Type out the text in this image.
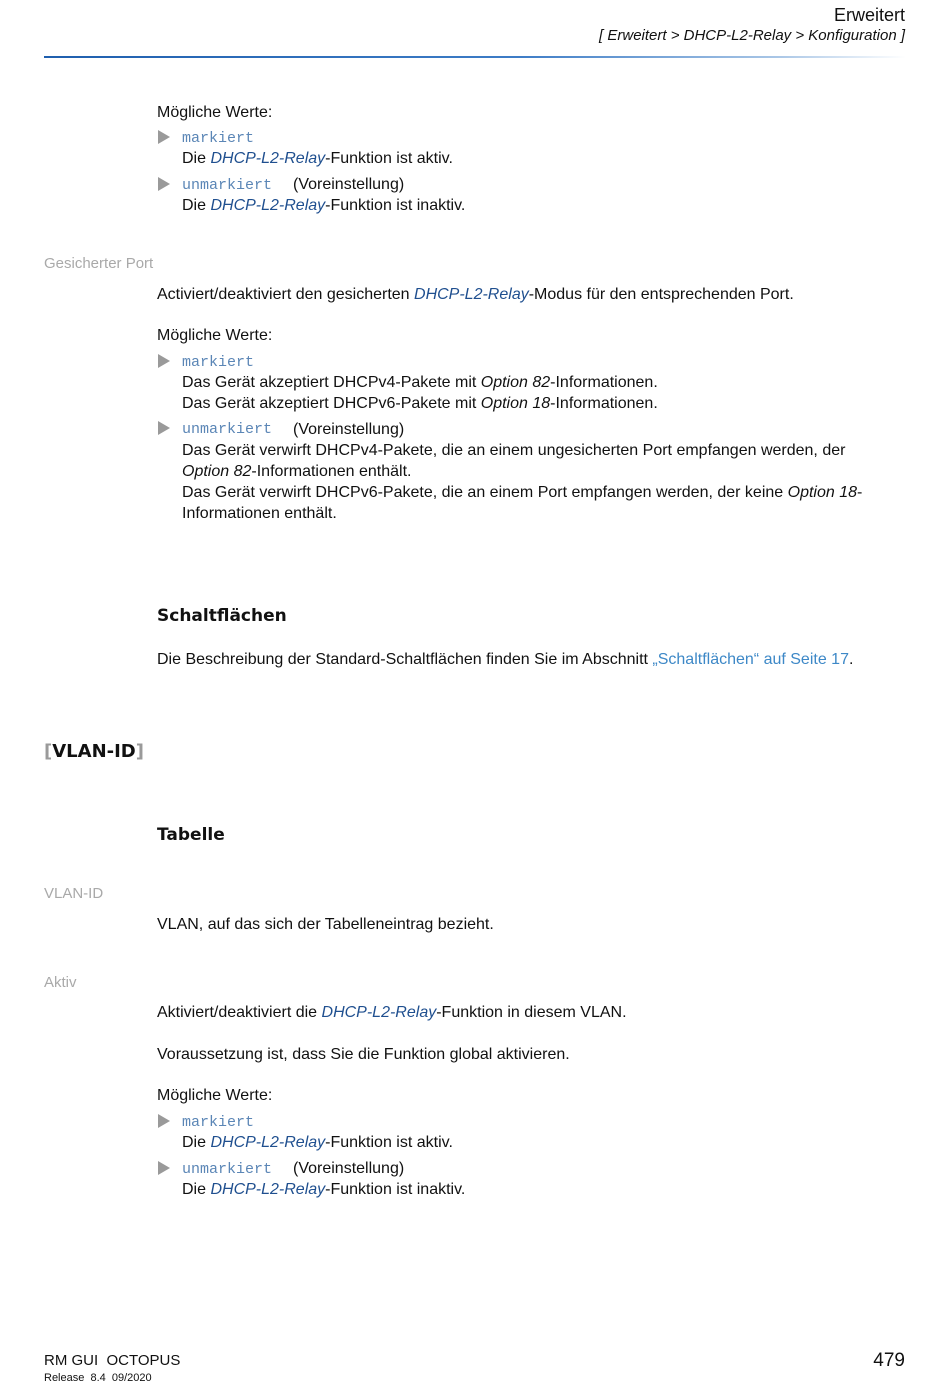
Erweitert
[ Erweitert > DHCP-L2-Relay > Konfiguration ]
Mögliche Werte:
markiert
Die DHCP-L2-Relay-Funktion ist aktiv.
unmarkiert (Voreinstellung)
Die DHCP-L2-Relay-Funktion ist inaktiv.
Gesicherter Port
Activiert/deaktiviert den gesicherten DHCP-L2-Relay-Modus für den entsprechenden Port.
Mögliche Werte:
markiert
Das Gerät akzeptiert DHCPv4-Pakete mit Option 82-Informationen.
Das Gerät akzeptiert DHCPv6-Pakete mit Option 18-Informationen.
unmarkiert (Voreinstellung)
Das Gerät verwirft DHCPv4-Pakete, die an einem ungesicherten Port empfangen werden, der
Option 82-Informationen enthält.
Das Gerät verwirft DHCPv6-Pakete, die an einem Port empfangen werden, der keine Option 18-
Informationen enthält.
Schaltflächen
Die Beschreibung der Standard-Schaltflächen finden Sie im Abschnitt „Schaltflächen“ auf Seite 17.
[VLAN-ID]
Tabelle
VLAN-ID
VLAN, auf das sich der Tabelleneintrag bezieht.
Aktiv
Aktiviert/deaktiviert die DHCP-L2-Relay-Funktion in diesem VLAN.
Voraussetzung ist, dass Sie die Funktion global aktivieren.
Mögliche Werte:
markiert
Die DHCP-L2-Relay-Funktion ist aktiv.
unmarkiert (Voreinstellung)
Die DHCP-L2-Relay-Funktion ist inaktiv.
RM GUI  OCTOPUS
Release  8.4  09/2020
479
